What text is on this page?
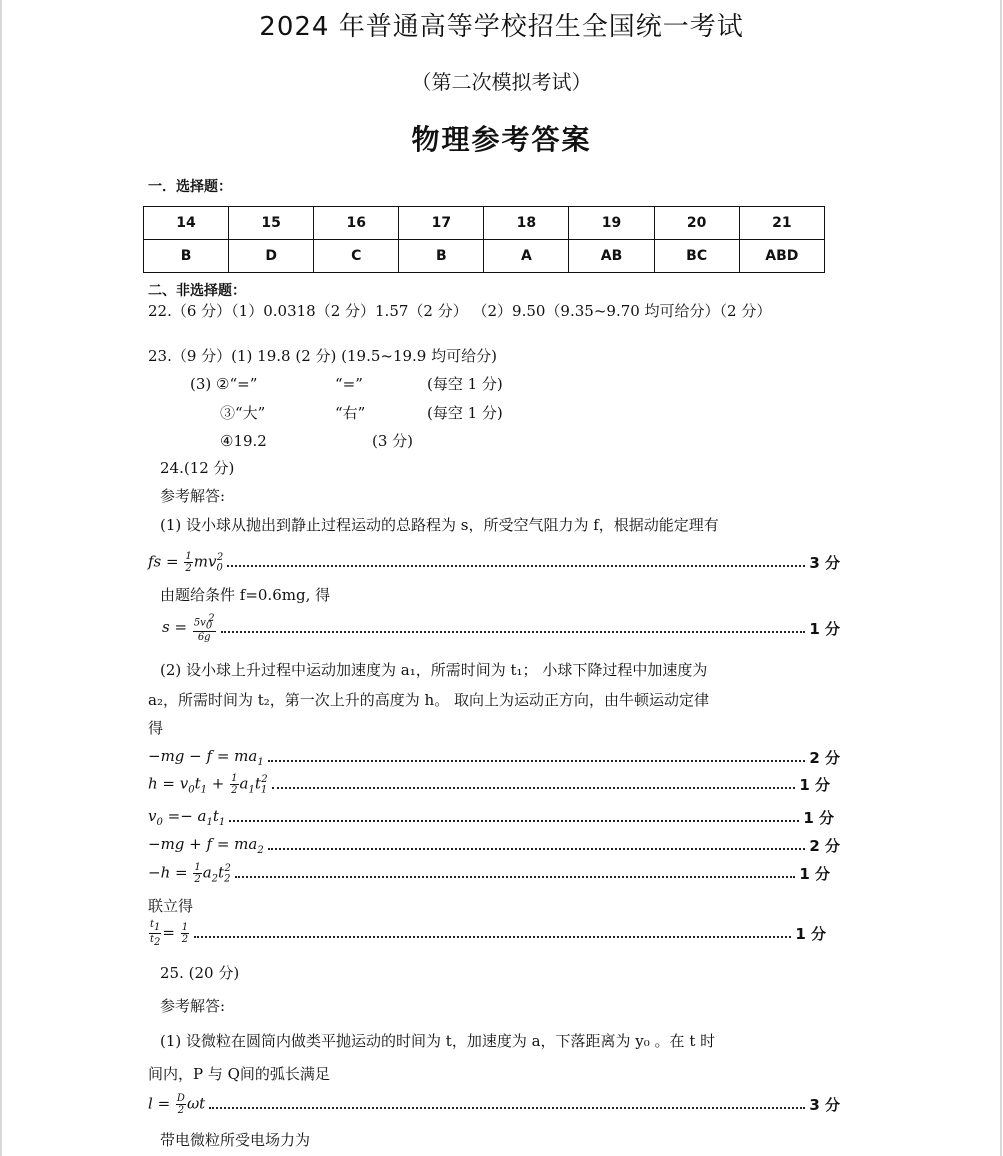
2024 年普通高等学校招生全国统一考试
（第二次模拟考试）
物理参考答案
一．选择题：
14	15	16	17	18	19	20	21
B	D	C	B	A	AB	BC	ABD
二、非选择题：
22.（6 分）（1）0.0318（2 分）1.57（2 分） （2）9.50（9.35~9.70 均可给分）（2 分）
23.（9 分）(1) 19.8 (2 分) (19.5~19.9 均可给分)
(3) ②“=”	“=”	(每空 1 分)
③“大”	“右”	(每空 1 分)
④19.2	(3 分)
24.(12 分)
参考解答:
(1) 设小球从抛出到静止过程运动的总路程为 s，所受空气阻力为 f，根据动能定理有
fs = $\frac{1}{2} mv_0^2$	3 分
由题给条件 f=0.6mg, 得
$s = \frac{5v_0^2}{6g}$	1 分
(2) 设小球上升过程中运动加速度为 a₁，所需时间为 t₁； 小球下降过程中加速度为
a₂，所需时间为 t₂，第一次上升的高度为 h。 取向上为运动正方向，由牛顿运动定律
得
$-mg - f = ma_1$	2 分
$h = v_0t_1 + \frac{1}{2} a_1t_1^2$	1 分
$v_0 =- a_1t_1$	1 分
$-mg + f = ma_2$	2 分
$-h = \frac{1}{2} a_2t_2^2$	1 分
联立得
$\frac{t_1}{t_2} = \frac{1}{2}$	1 分
25. (20 分)
参考解答:
(1) 设微粒在圆筒内做类平抛运动的时间为 t，加速度为 a，下落距离为 y₀ 。在 t 时
间内，P 与 Q间的弧长满足
$l = \frac{D}{2}$ ωt	3 分
带电微粒所受电场力为
